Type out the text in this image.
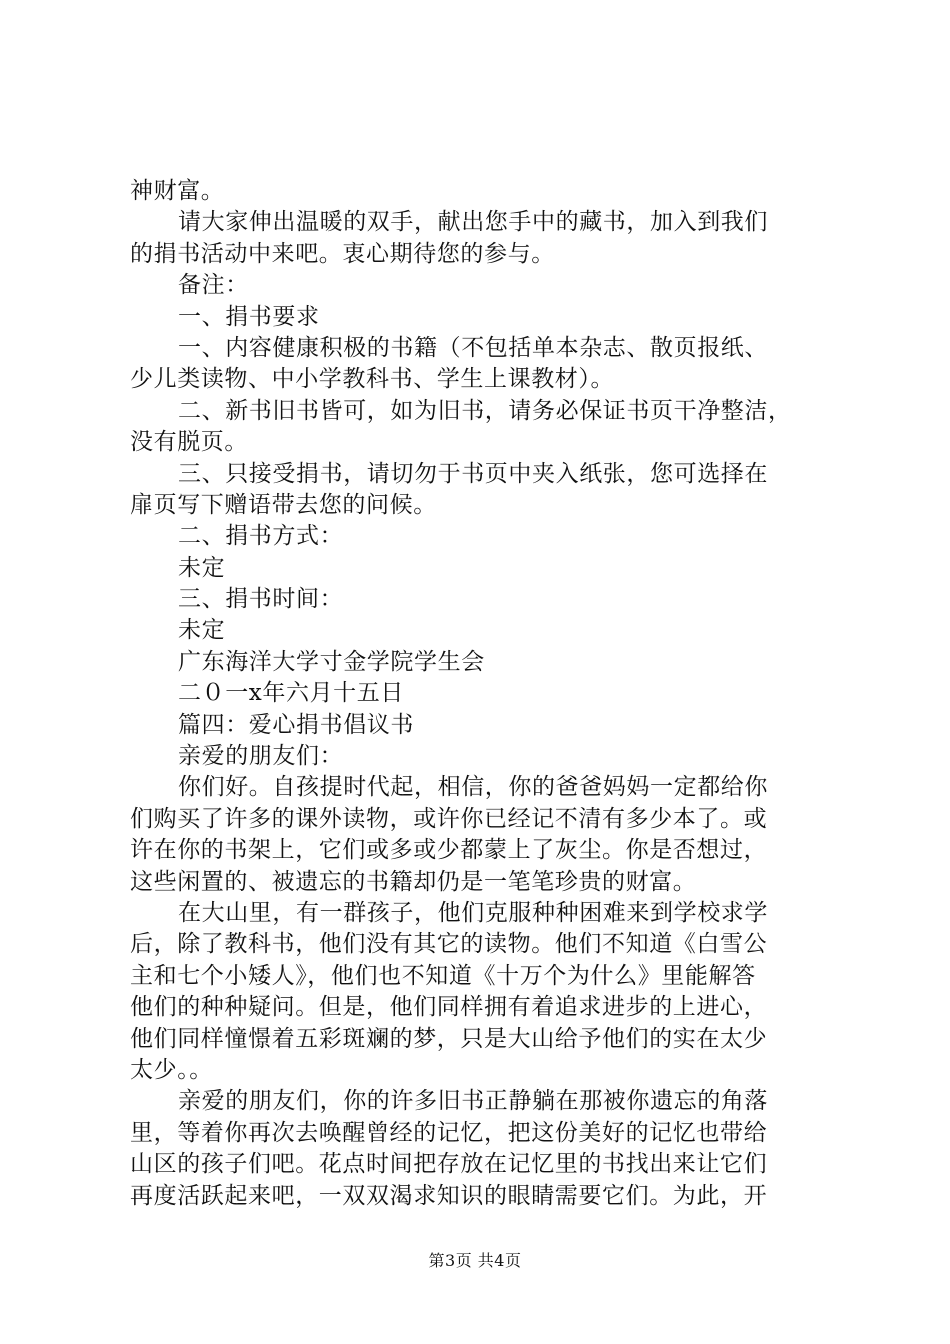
神财富。
请大家伸出温暖的双手，献出您手中的藏书，加入到我们
的捐书活动中来吧。衷心期待您的参与。
备注：
一、捐书要求
一、内容健康积极的书籍（不包括单本杂志、散页报纸、
少儿类读物、中小学教科书、学生上课教材）。
二、新书旧书皆可，如为旧书，请务必保证书页干净整洁，
没有脱页。
三、只接受捐书，请切勿于书页中夹入纸张，您可选择在
扉页写下赠语带去您的问候。
二、捐书方式：
未定
三、捐书时间：
未定
广东海洋大学寸金学院学生会
二０一x年六月十五日
篇四：爱心捐书倡议书
亲爱的朋友们：
你们好。自孩提时代起，相信，你的爸爸妈妈一定都给你
们购买了许多的课外读物，或许你已经记不清有多少本了。或
许在你的书架上，它们或多或少都蒙上了灰尘。你是否想过，
这些闲置的、被遗忘的书籍却仍是一笔笔珍贵的财富。
在大山里，有一群孩子，他们克服种种困难来到学校求学
后，除了教科书，他们没有其它的读物。他们不知道《白雪公
主和七个小矮人》，他们也不知道《十万个为什么》里能解答
他们的种种疑问。但是，他们同样拥有着追求进步的上进心，
他们同样憧憬着五彩斑斓的梦，只是大山给予他们的实在太少
太少。。
亲爱的朋友们，你的许多旧书正静躺在那被你遗忘的角落
里，等着你再次去唤醒曾经的记忆，把这份美好的记忆也带给
山区的孩子们吧。花点时间把存放在记忆里的书找出来让它们
再度活跃起来吧，一双双渴求知识的眼睛需要它们。为此，开
第3页 共4页
